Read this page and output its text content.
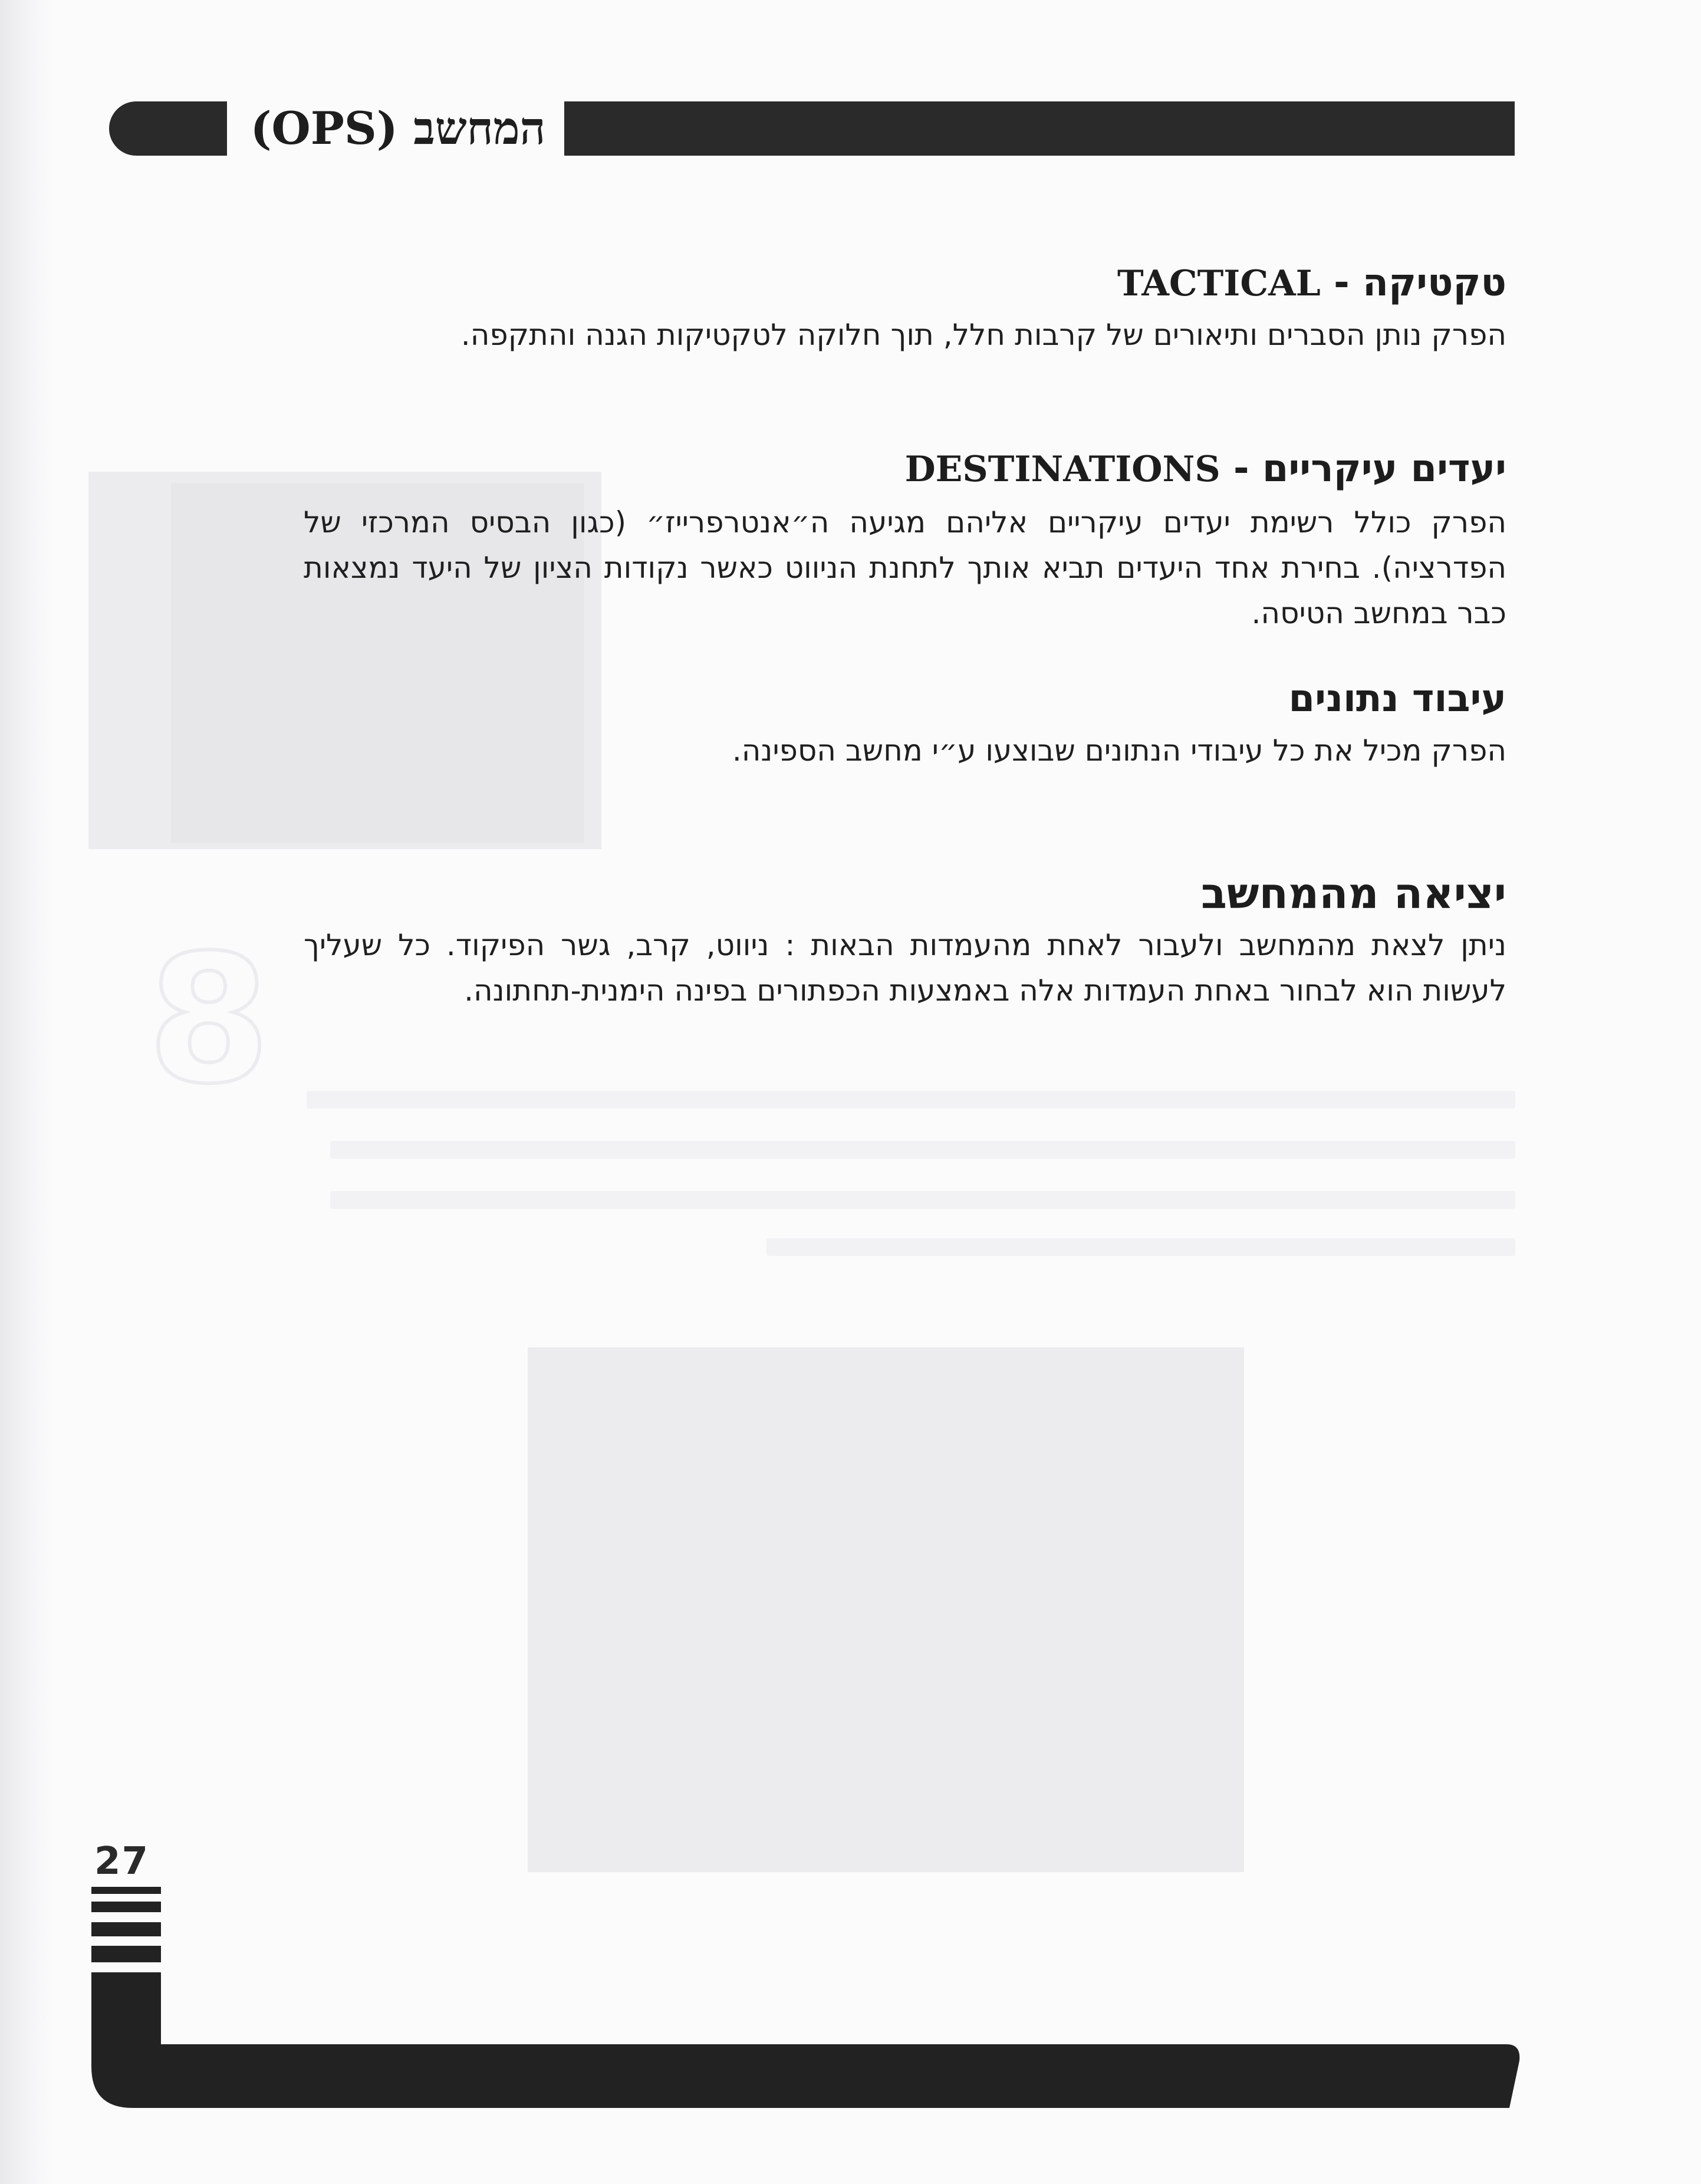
8
המחשב (OPS)
טקטיקה - TACTICAL
הפרק נותן הסברים ותיאורים של קרבות חלל, תוך חלוקה לטקטיקות הגנה והתקפה.
יעדים עיקריים - DESTINATIONS
הפרק כולל רשימת יעדים עיקריים אליהם מגיעה ה״אנטרפרייז״ (כגון הבסיס המרכזי של הפדרציה). בחירת אחד היעדים תביא אותך לתחנת הניווט כאשר נקודות הציון של היעד נמצאות כבר במחשב הטיסה.
עיבוד נתונים
הפרק מכיל את כל עיבודי הנתונים שבוצעו ע״י מחשב הספינה.
יציאה מהמחשב
ניתן לצאת מהמחשב ולעבור לאחת מהעמדות הבאות : ניווט, קרב, גשר הפיקוד. כל שעליך לעשות הוא לבחור באחת העמדות אלה באמצעות הכפתורים בפינה הימנית-תחתונה.
27
